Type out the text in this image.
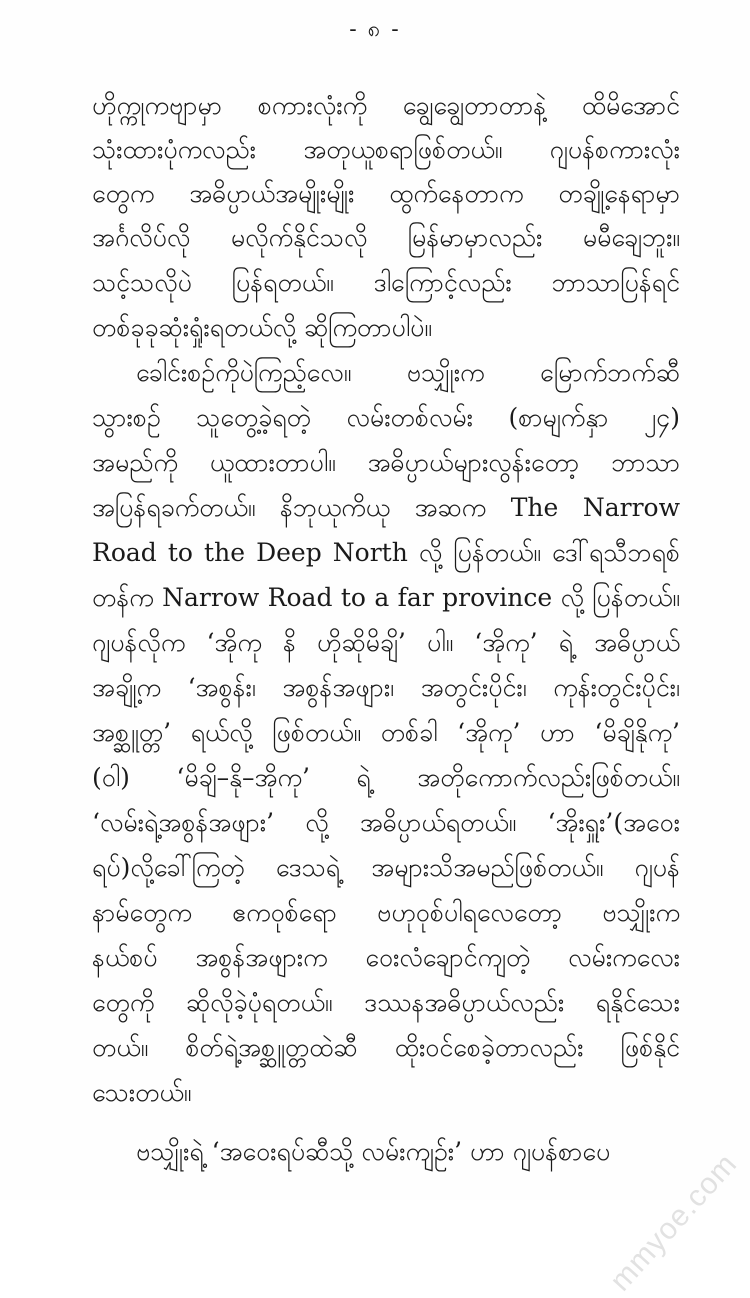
- ၈ -
ဟိုက္ကုကဗျာမှာ စကားလုံးကို ချွေချွေတာတာနဲ့ ထိမိအောင်
သုံးထားပုံကလည်း အတုယူစရာဖြစ်တယ်။ ဂျပန်စကားလုံး
တွေက အဓိပ္ပာယ်အမျိုးမျိုး ထွက်နေတာက တချို့နေရာမှာ
အင်္ဂလိပ်လို မလိုက်နိုင်သလို မြန်မာမှာလည်း မမီချေဘူး။
သင့်သလိုပဲ ပြန်ရတယ်။ ဒါကြောင့်လည်း ဘာသာပြန်ရင်
တစ်ခုခုဆုံးရှုံးရတယ်လို့ ဆိုကြတာပါပဲ။
ခေါင်းစဉ်ကိုပဲကြည့်လေ။ ဗသျှိုးက မြောက်ဘက်ဆီ
သွားစဉ် သူတွေ့ခဲ့ရတဲ့ လမ်းတစ်လမ်း (စာမျက်နှာ ၂၄)
အမည်ကို ယူထားတာပါ။ အဓိပ္ပာယ်များလွန်းတော့ ဘာသာ
အပြန်ရခက်တယ်။ နိဘုယုကိယု အဆက The Narrow
Road to the Deep North လို့ ပြန်တယ်။ ဒေါ်ရသီဘရစ်
တန်က Narrow Road to a far province လို့ ပြန်တယ်။
ဂျပန်လိုက ‘အိုကု နိ ဟိုဆိုမိချိ’ ပါ။ ‘အိုကု’ ရဲ့ အဓိပ္ပာယ်
အချို့က ‘အစွန်း၊ အစွန်အဖျား၊ အတွင်းပိုင်း၊ ကုန်းတွင်းပိုင်း၊
အစ္ဆူတ္တ’ ရယ်လို့ ဖြစ်တယ်။ တစ်ခါ ‘အိုကု’ ဟာ ‘မိချိနိုကု’
(ဝါ) ‘မိချိ–နို–အိုကု’ ရဲ့ အတိုကောက်လည်းဖြစ်တယ်။
‘လမ်းရဲ့အစွန်အဖျား’ လို့ အဓိပ္ပာယ်ရတယ်။ ‘အိုးရှူး’(အဝေး
ရပ်)လို့ခေါ်ကြတဲ့ ဒေသရဲ့ အများသိအမည်ဖြစ်တယ်။ ဂျပန်
နာမ်တွေက ဧကဝုစ်ရော ဗဟုဝုစ်ပါရလေတော့ ဗသျှိုးက
နယ်စပ် အစွန်အဖျားက ဝေးလံချောင်ကျတဲ့ လမ်းကလေး
တွေကို ဆိုလိုခဲ့ပုံရတယ်။ ဒဿနအဓိပ္ပာယ်လည်း ရနိုင်သေး
တယ်။ စိတ်ရဲ့အစ္ဆူတ္တထဲဆီ ထိုးဝင်စေခဲ့တာလည်း ဖြစ်နိုင်
သေးတယ်။
ဗသျှိုးရဲ့ ‘အဝေးရပ်ဆီသို့ လမ်းကျဉ်း’ ဟာ ဂျပန်စာပေ
mmyoe.com
